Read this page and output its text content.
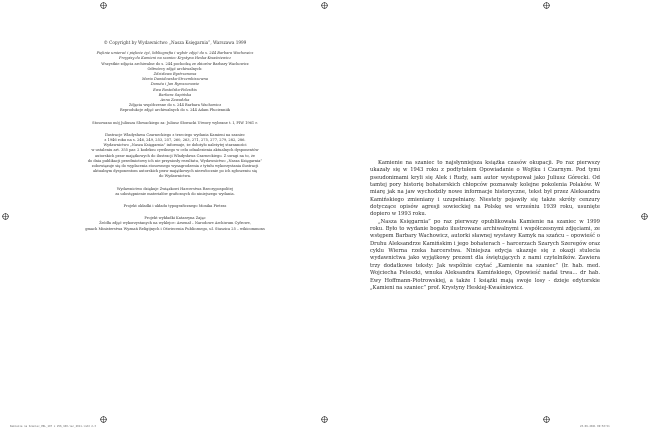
© Copyright by Wydawnictwo „Nasza Księgarnia”, Warszawa 1999

Pięknie umierać i pięknie żyć, bibliografia i wybór zdjęć do s. 244 Barbara Wachowicz

Przypisy do Kamieni na szaniec Krystyna Heska-Kwaśniewicz

Wszystkie zdjęcia archiwalne do s. 244 pochodzą ze zbiorów Barbary Wachowicz

Odtwórcy zdjęć archiwalnych:

Zdzisława Bystrzanowa

Maria Dawidowska-Strzembiszewna

Danuta i Jan Rymszonowie

Ewa Rostelska-Felesikis

Barbara Sapińska

Anna Zawadzka

Zdjęcia współczesne do s. 244 Barbara Wachowicz

Reprodukcje zdjęć archiwalnych do s. 244 Adam Płucienniik

Stosowano mój Juliusza Słowackiego za: Juliusz Słowacki Utwory wybrane t. I, PIW 1961 r.

Ilustracje Władysława Czarneckiego z trzeciego wydania Kamieni na szaniec

z 1946 roku na s. 246, 249, 253, 257, 260, 263, 271, 275, 277, 279, 282, 286.

Wydawnictwo „Nasza Księgarnia” informuje, że dołożyło należytej staranności

w ustaleniu art. 355 par. 2 kodeksu cywilnego w celu odnalezienia aktualnych dysponentów

autorskich praw majątkowych do ilustracji Władysława Czarneckiego. Z uwagi na to, że

do dnia publikacji przedmiotowy ich nie przyniosły rezultatu, Wydawnictwo „Nasza Księgarnia”

zobowiązuje się do wypłacenia stosownego wynagrodzenia z tytułu wykorzystania ilustracji

aktualnym dysponentom autorskich praw majątkowych niezwłocznie po ich zgłoszeniu się

do Wydawnictwa.

Wydawnictwo dziękuje Związkowi Harcerstwa Rzeczypospolitej

za udostępnienie materiałów graficznych do niniejszego wydania.

Projekt okładki i układu typograficznego Monika Pietras

Projekt wykładki Katarzyna Zając

Źródła zdjęć wykorzystanych na wyklejce: Arsenał – Narodowe Archiwum Cyfrowe,

gmach Ministerstwa Wyznań Religijnych i Oświecenia Publicznego, ul. Staszica 25 – wikicommons

Kamienie na szaniec to najsłynniejsza książka czasów okupacji. Po raz pierwszy ukazały się w 1943 roku z podtytułem Opowiadanie o Wojtku i Czarnym. Pod tymi pseudonimami kryli się Alek i Rudy, sam autor występował jako Juliusz Górecki. Od tamtej pory historię bohaterskich chłopców poznawały kolejne pokolenia Polaków. W miarę jak na jaw wychodziły nowe informacje historyczne, tekst był przez Aleksandra Kamińskiego zmieniany i uzupełniany. Niestety pojawiły się także skróty cenzury dotyczące opisów agresji sowieckiej na Polskę we wrześniu 1939 roku, usunięte dopiero w 1993 roku.

„Nasza Księgarnia” po raz pierwszy opublikowała Kamienie na szaniec w 1999 roku. Było to wydanie bogato ilustrowane archiwalnymi i współczesnymi zdjęciami, ze wstępem Barbary Wachowicz, autorki sławnej wystawy Kamyk na szańcu – opowieść o Druhu Aleksandrze Kamińskim i jego bohaterach – harcerzach Szarych Szeregów oraz cyklu Wierna rzeka harcerstwa. Niniejsza edycja ukazuje się z okazji stulecia wydawnictwa jako wyjątkowy prezent dla świętujących z nami czytelników. Zawiera trzy dodatkowe teksty: Jak wspólnie czytać „Kamienie na szaniec” (lr. hab. med. Wojciecha Feleszki, wnuka Aleksandra Kamińskiego, Opowieść nadal trwa… dr hab. Ewy Hoffmann-Piotrowskiej, a także I książki mają swoje losy - dzieje edytorskie „Kamieni na szaniec” prof. Krystyny Heskiej-Kwaśniewicz.

Kamienie na Szaniec_PRL_197 x 256_100-lec_2011.indd 2-3	23.06.2021 09:53:51
